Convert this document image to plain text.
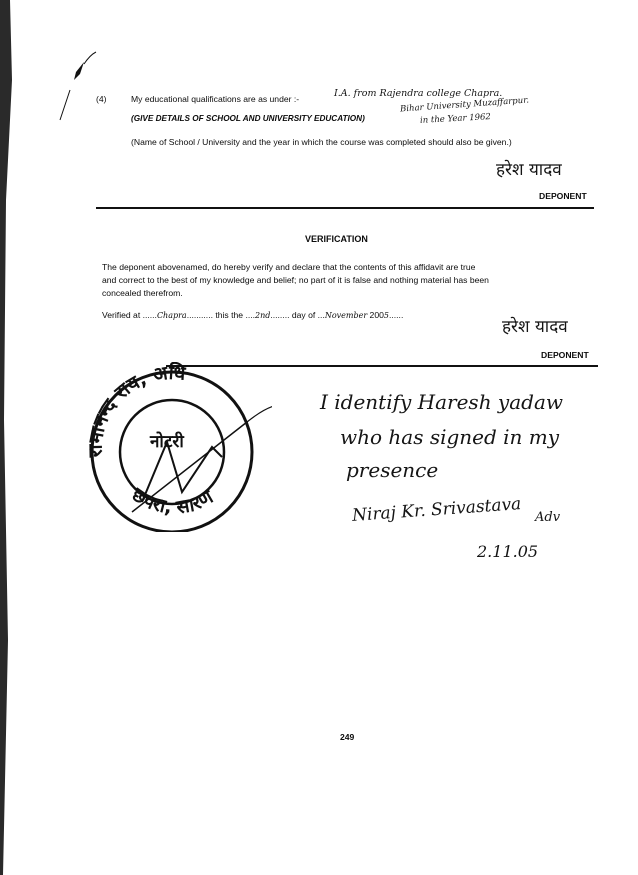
(4)	My educational qualifications are as under :-	I.A. from Rajendra college Chapra.
Bihar University Muzaffarpur.
in the Year 1962
(GIVE DETAILS OF SCHOOL AND UNIVERSITY EDUCATION)
(Name of School / University and the year in which the course was completed should also be given.)
हरेश यादव
DEPONENT
VERIFICATION
The deponent abovenamed, do hereby verify and declare that the contents of this affidavit are true
and correct to the best of my knowledge and belief; no part of it is false and nothing material has been
concealed therefrom.
Verified at ......Chapra........... this the ....2nd........ day of ...November 2005......
हरेश यादव
DEPONENT
रामानन्द राय, अधि
छपरा, सारण
नोटरी
I identify Haresh yadaw
who has signed in my
presence
Niraj Kr. Srivastava Adv
2.11.05
249
